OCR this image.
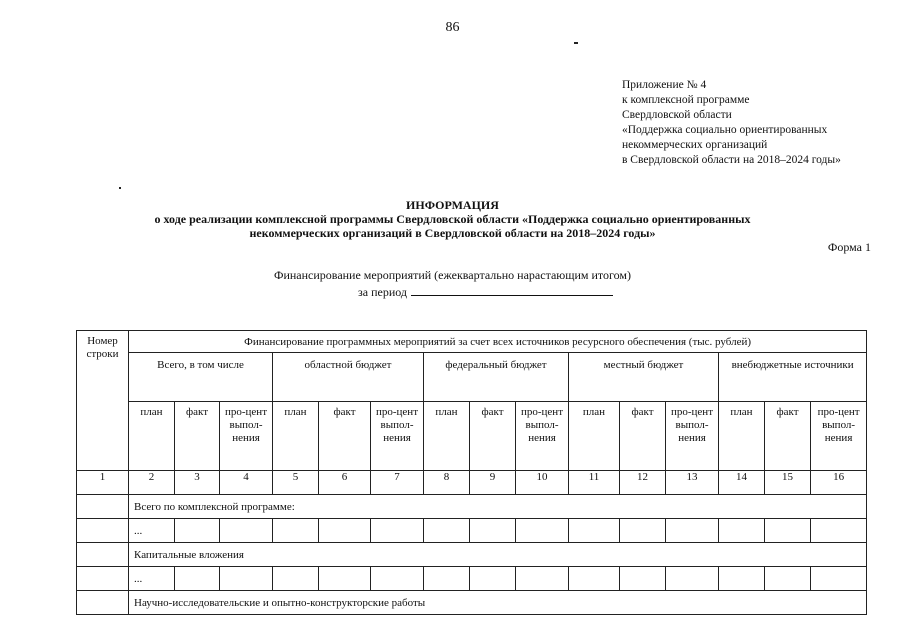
86
Приложение № 4
к комплексной программе
Свердловской области
«Поддержка социально ориентированных
некоммерческих организаций
в Свердловской области на 2018–2024 годы»
ИНФОРМАЦИЯ
о ходе реализации комплексной программы Свердловской области «Поддержка социально ориентированных
некоммерческих организаций в Свердловской области на 2018–2024 годы»
Форма 1
Финансирование мероприятий (ежеквартально нарастающим итогом)
за период
Номер строки	Финансирование программных мероприятий за счет всех источников ресурсного обеспечения (тыс. рублей)														
	Всего, в том числе			областной бюджет			федеральный бюджет			местный бюджет			внебюджетные источники		
	план	факт	про-цент выпол-нения	план	факт	про-цент выпол-нения	план	факт	про-цент выпол-нения	план	факт	про-цент выпол-нения	план	факт	про-цент выпол-нения
1	2	3	4	5	6	7	8	9	10	11	12	13	14	15	16
	Всего по комплексной программе:														
	...														
	Капитальные вложения														
	...														
	Научно-исследовательские и опытно-конструкторские работы														
